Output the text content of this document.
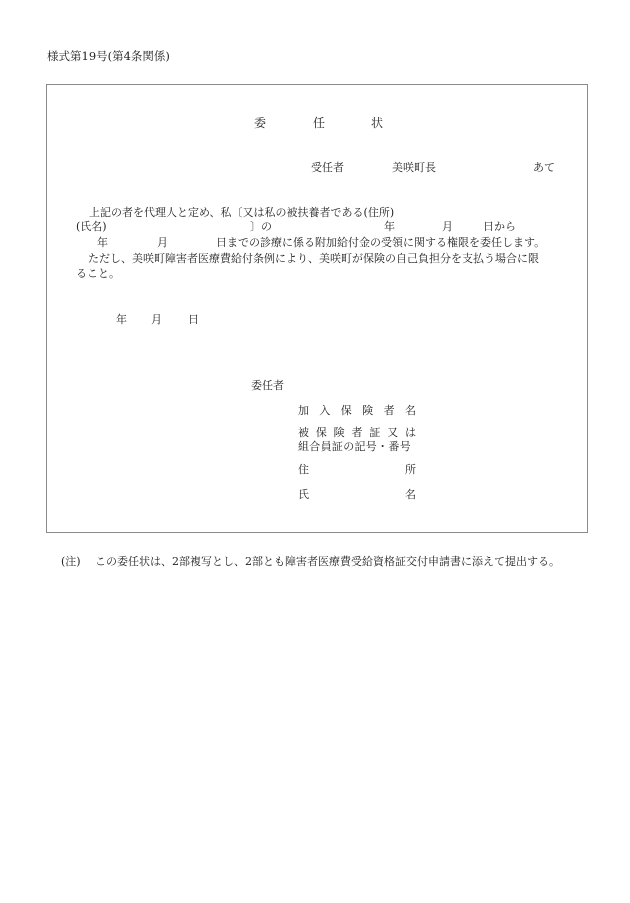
様式第19号(第4条関係)
委	任	状
受任者	美咲町長	あて
上記の者を代理人と定め、私〔又は私の被扶養者である(住所)
(氏名)	〕の	年	月	日から
年	月	日までの診療に係る附加給付金の受領に関する権限を委任します。
ただし、美咲町障害者医療費給付条例により、美咲町が保険の自己負担分を支払う場合に限
ること。
年 月 日
委任者
加 入 保 険 者 名
被 保 険 者 証 又 は
組合員証の記号・番号
住	所
氏	名
(注) この委任状は、2部複写とし、2部とも障害者医療費受給資格証交付申請書に添えて提出する。
